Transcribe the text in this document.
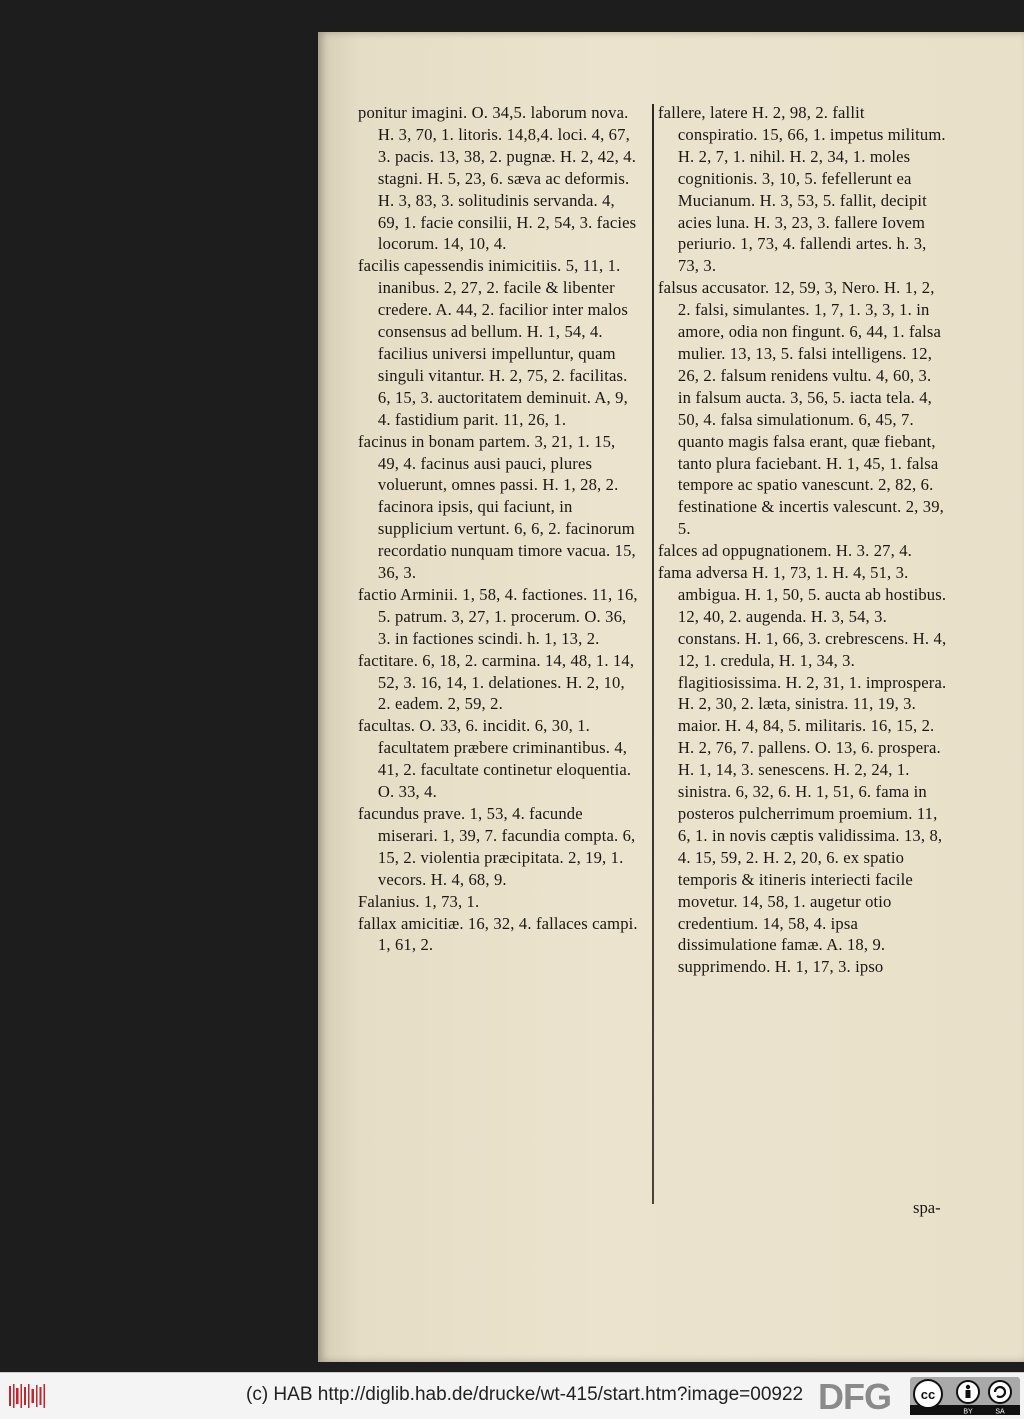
ponitur imagini. O. 34,5. laborum nova. H. 3, 70, 1. litoris. 14,8,4. loci. 4, 67, 3. pacis. 13, 38, 2. pugnæ. H. 2, 42, 4. stagni. H. 5, 23, 6. sæva ac deformis. H. 3, 83, 3. solitudinis servanda. 4, 69, 1. facie consilii, H. 2, 54, 3. facies locorum. 14, 10, 4.

facilis capessendis inimicitiis. 5, 11, 1. inanibus. 2, 27, 2. facile & libenter credere. A. 44, 2. facilior inter malos consensus ad bellum. H. 1, 54, 4. facilius universi impelluntur, quam singuli vitantur. H. 2, 75, 2. facilitas. 6, 15, 3. auctoritatem deminuit. A, 9, 4. fastidium parit. 11, 26, 1.

facinus in bonam partem. 3, 21, 1. 15, 49, 4. facinus ausi pauci, plures voluerunt, omnes passi. H. 1, 28, 2. facinora ipsis, qui faciunt, in supplicium vertunt. 6, 6, 2. facinorum recordatio nunquam timore vacua. 15, 36, 3.

factio Arminii. 1, 58, 4. factiones. 11, 16, 5. patrum. 3, 27, 1. procerum. O. 36, 3. in factiones scindi. h. 1, 13, 2.

factitare. 6, 18, 2. carmina. 14, 48, 1. 14, 52, 3. 16, 14, 1. delationes. H. 2, 10, 2. eadem. 2, 59, 2.

facultas. O. 33, 6. incidit. 6, 30, 1. facultatem præbere criminantibus. 4, 41, 2. facultate continetur eloquentia. O. 33, 4.

facundus prave. 1, 53, 4. facunde miserari. 1, 39, 7. facundia compta. 6, 15, 2. violentia præcipitata. 2, 19, 1. vecors. H. 4, 68, 9.

Falanius. 1, 73, 1.

fallax amicitiæ. 16, 32, 4. fallaces campi. 1, 61, 2.

fallere, latere H. 2, 98, 2. fallit conspiratio. 15, 66, 1. impetus militum. H. 2, 7, 1. nihil. H. 2, 34, 1. moles cognitionis. 3, 10, 5. fefellerunt ea Mucianum. H. 3, 53, 5. fallit, decipit acies luna. H. 3, 23, 3. fallere Iovem periurio. 1, 73, 4. fallendi artes. h. 3, 73, 3.

falsus accusator. 12, 59, 3, Nero. H. 1, 2, 2. falsi, simulantes. 1, 7, 1. 3, 3, 1. in amore, odia non fingunt. 6, 44, 1. falsa mulier. 13, 13, 5. falsi intelligens. 12, 26, 2. falsum renidens vultu. 4, 60, 3. in falsum aucta. 3, 56, 5. iacta tela. 4, 50, 4. falsa simulationum. 6, 45, 7. quanto magis falsa erant, quæ fiebant, tanto plura faciebant. H. 1, 45, 1. falsa tempore ac spatio vanescunt. 2, 82, 6. festinatione & incertis valescunt. 2, 39, 5.

falces ad oppugnationem. H. 3. 27, 4.

fama adversa H. 1, 73, 1. H. 4, 51, 3. ambigua. H. 1, 50, 5. aucta ab hostibus. 12, 40, 2. augenda. H. 3, 54, 3. constans. H. 1, 66, 3. crebrescens. H. 4, 12, 1. credula, H. 1, 34, 3. flagitiosissima. H. 2, 31, 1. improspera. H. 2, 30, 2. læta, sinistra. 11, 19, 3. maior. H. 4, 84, 5. militaris. 16, 15, 2. H. 2, 76, 7. pallens. O. 13, 6. prospera. H. 1, 14, 3. senescens. H. 2, 24, 1. sinistra. 6, 32, 6. H. 1, 51, 6. fama in posteros pulcherrimum proemium. 11, 6, 1. in novis cæptis validissima. 13, 8, 4. 15, 59, 2. H. 2, 20, 6. ex spatio temporis & itineris interiecti facile movetur. 14, 58, 1. augetur otio credentium. 14, 58, 4. ipsa dissimulatione famæ. A. 18, 9. supprimendo. H. 1, 17, 3. ipso

spa-
(c) HAB http://diglib.hab.de/drucke/wt-415/start.htm?image=00922 DFG cc
BY	SA
